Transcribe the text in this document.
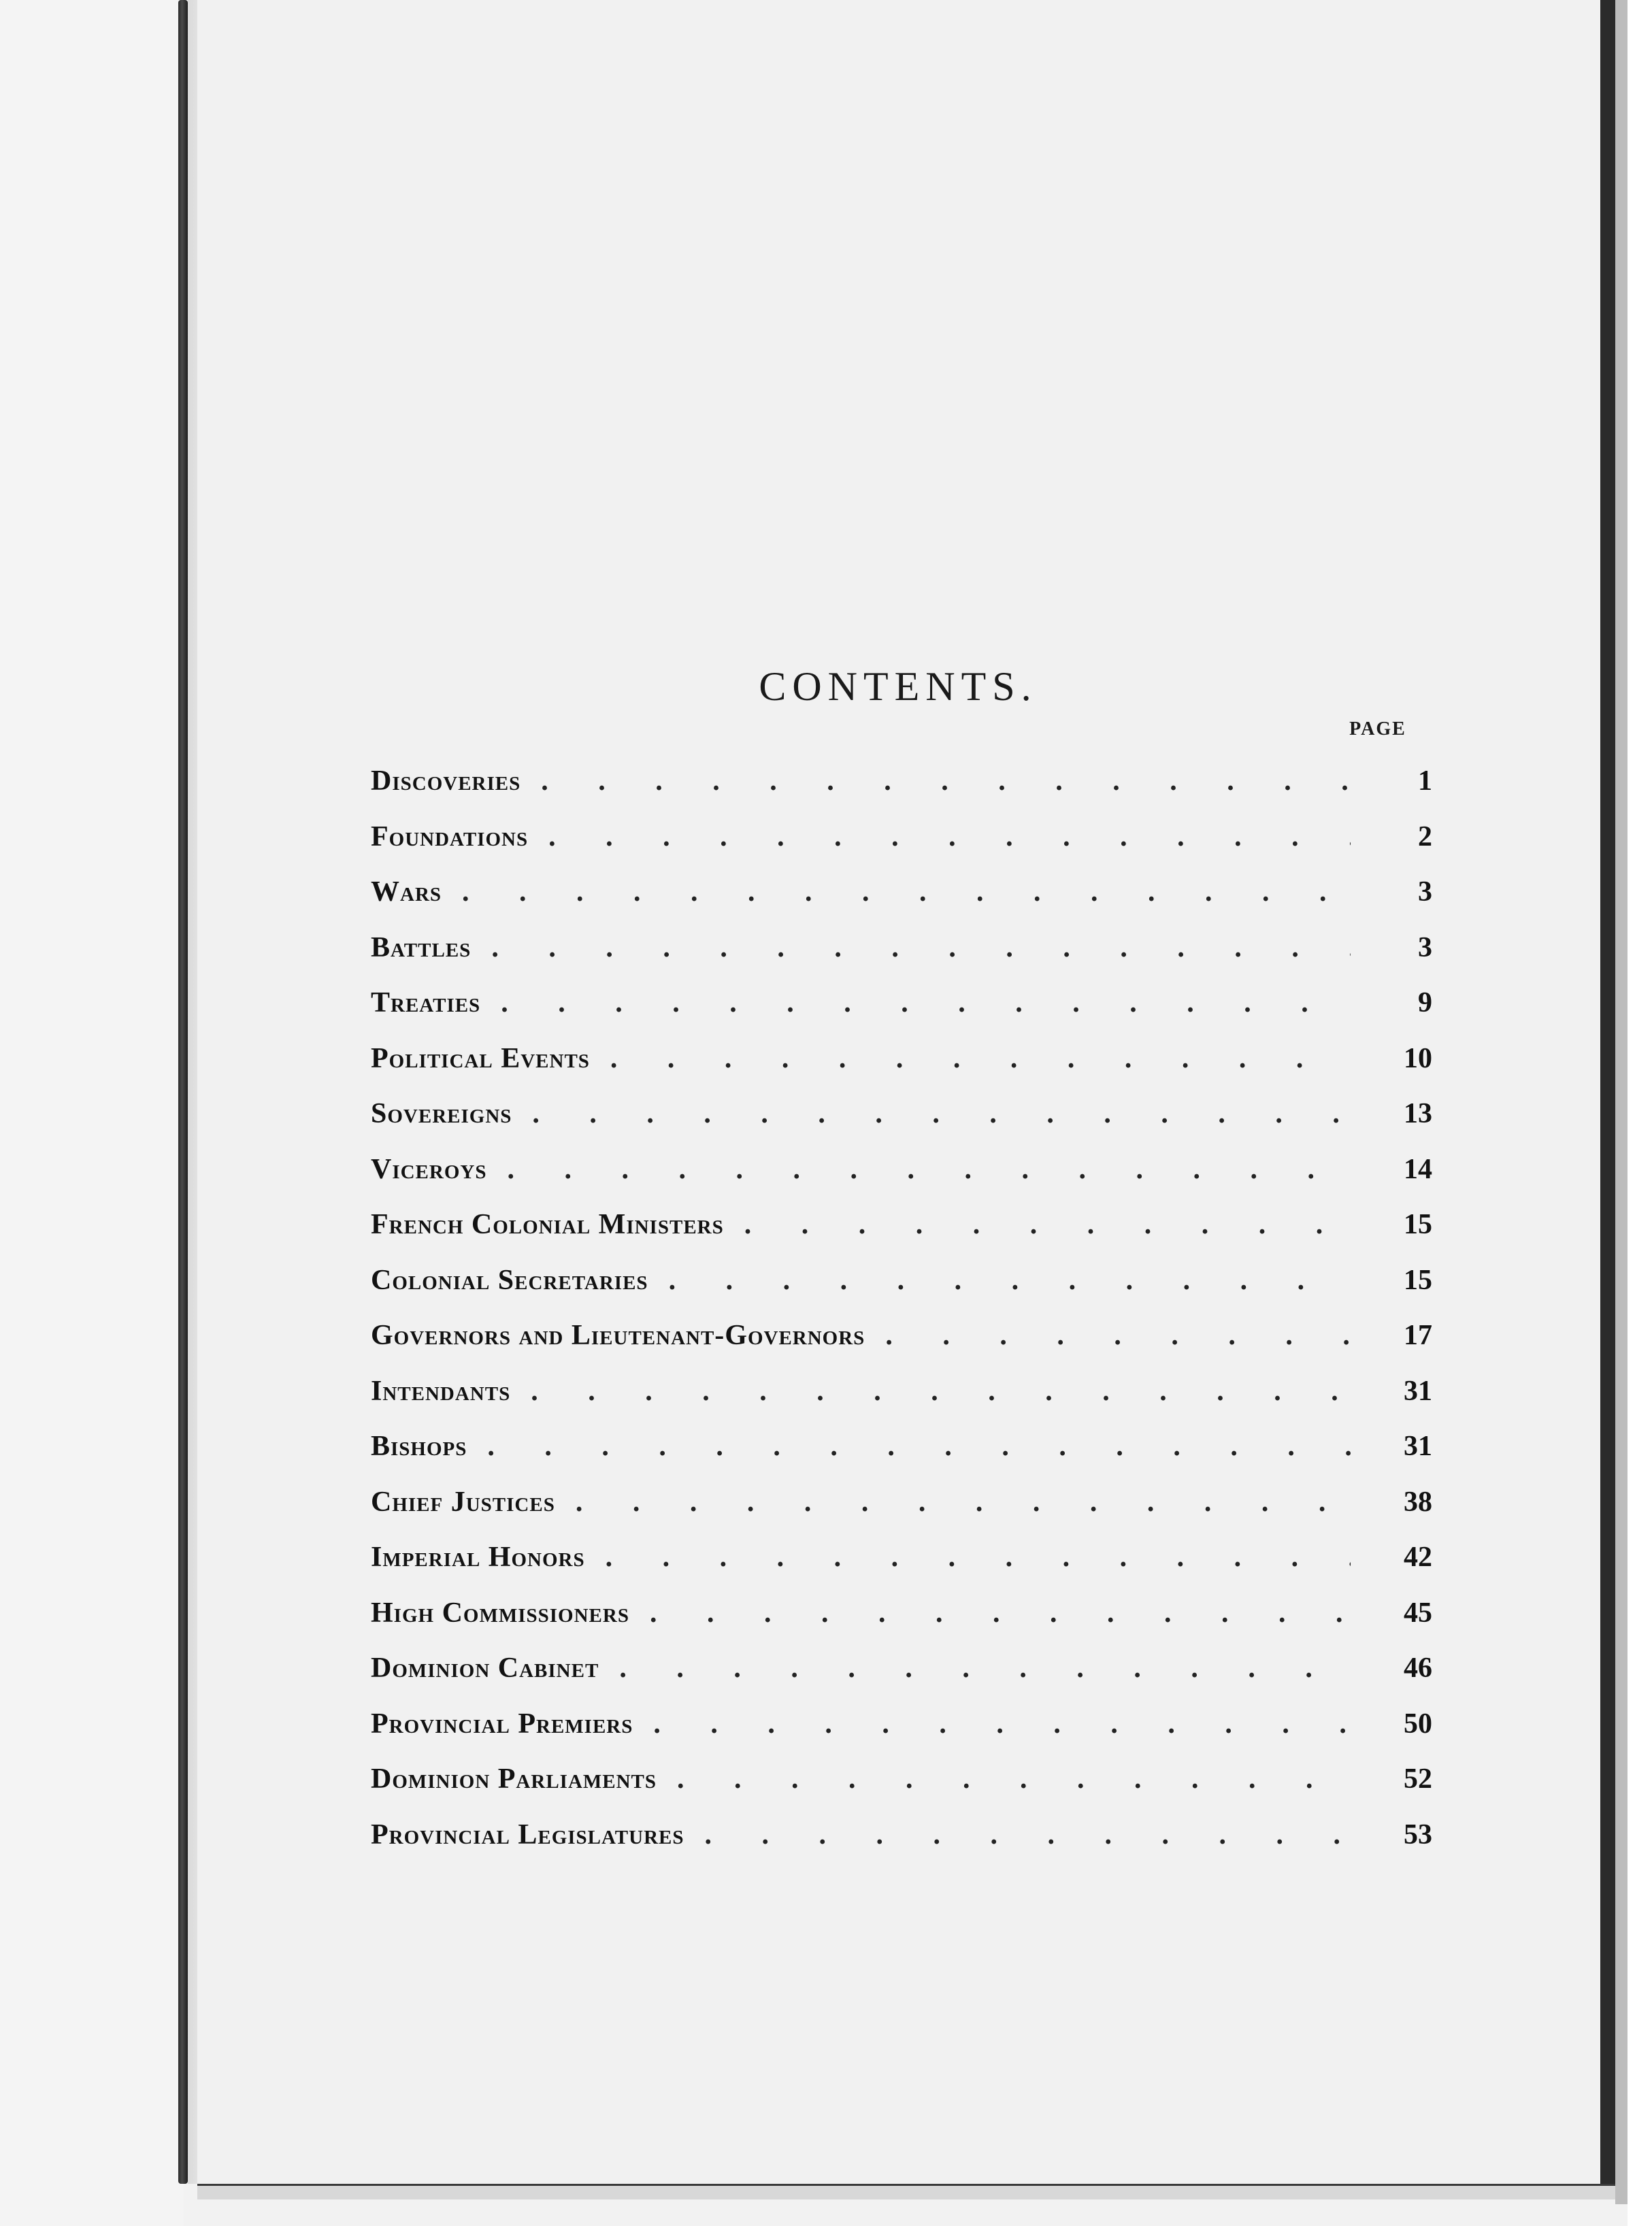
CONTENTS.
PAGE
Discoveries .	1
Foundations .	2
Wars .	3
Battles .	3
Treaties .	9
Political Events .	10
Sovereigns .	13
Viceroys .	14
French Colonial Ministers .	15
Colonial Secretaries .	15
Governors and Lieutenant-Governors .	17
Intendants .	31
Bishops .	31
Chief Justices .	38
Imperial Honors .	42
High Commissioners .	45
Dominion Cabinet .	46
Provincial Premiers .	50
Dominion Parliaments .	52
Provincial Legislatures .	53
